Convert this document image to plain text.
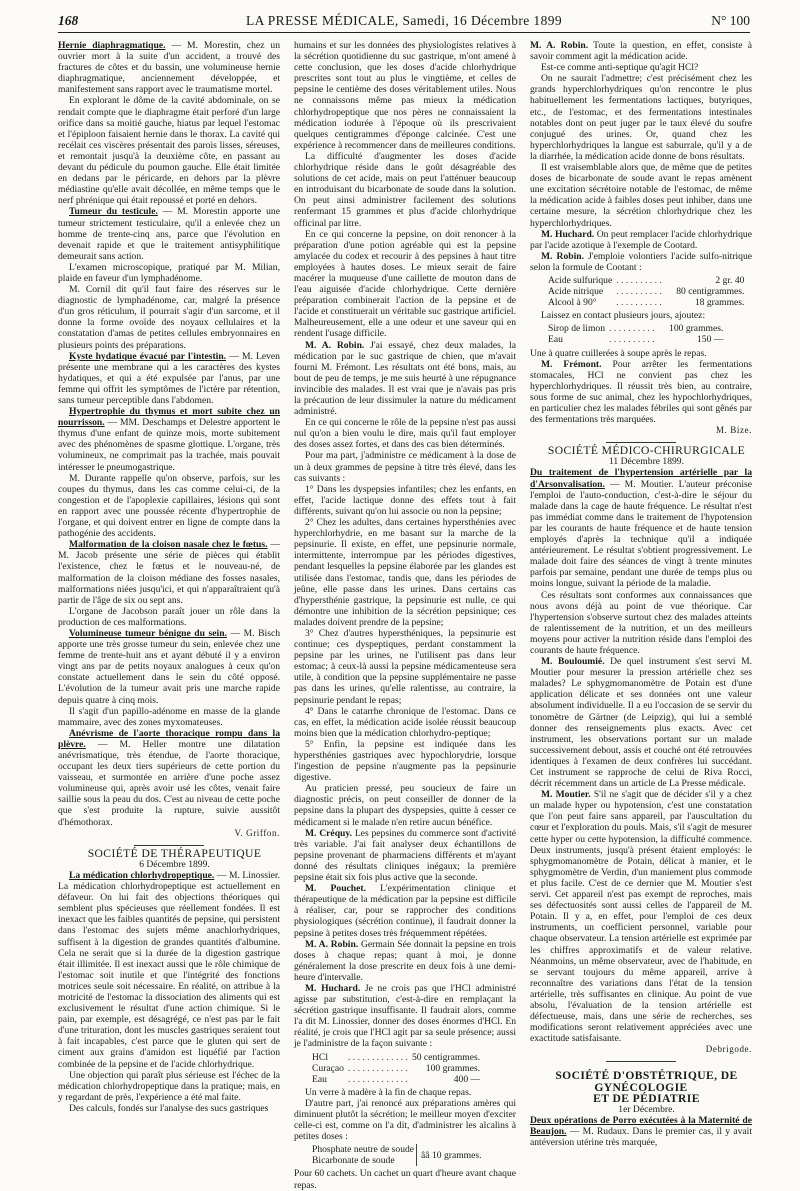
168	LA PRESSE MÉDICALE, Samedi, 16 Décembre 1899	N° 100

Hernie diaphragmatique. — M. Morestin, chez un ouvrier mort à la suite d'un accident, a trouvé des fractures de côtes et du bassin, une volumineuse hernie diaphragmatique, anciennement développée, et manifestement sans rapport avec le traumatisme mortel.

En explorant le dôme de la cavité abdominale, on se rendait compte que le diaphragme était perforé d'un large orifice dans sa moitié gauche, hiatus par lequel l'estomac et l'épiploon faisaient hernie dans le thorax. La cavité qui recélait ces viscères présentait des parois lisses, séreuses, et remontait jusqu'à la deuxième côte, en passant au devant du pédicule du poumon gauche. Elle était limitée en dedans par le péricarde, en dehors par la plèvre médiastine qu'elle avait décollée, en même temps que le nerf phrénique qui était repoussé et porté en dehors.

Tumeur du testicule. — M. Morestin apporte une tumeur strictement testiculaire, qu'il a enlevée chez un homme de trente-cinq ans, parce que l'évolution en devenait rapide et que le traitement antisyphilitique demeurait sans action.

L'examen microscopique, pratiqué par M. Milian, plaide en faveur d'un lymphadénome.

M. Cornil dit qu'il faut faire des réserves sur le diagnostic de lymphadénome, car, malgré la présence d'un gros réticulum, il pourrait s'agir d'un sarcome, et il donne la forme ovoïde des noyaux cellulaires et la constatation d'amas de petites cellules embryonnaires en plusieurs points des préparations.

Kyste hydatique évacué par l'intestin. — M. Leven présente une membrane qui a les caractères des kystes hydatiques, et qui a été expulsée par l'anus, par une femme qui offrit les symptômes de l'ictère par rétention, sans tumeur perceptible dans l'abdomen.

Hypertrophie du thymus et mort subite chez un nourrisson. — MM. Deschamps et Delestre apportent le thymus d'une enfant de quinze mois, morte subitement avec des phénomènes de spasme glottique. L'organe, très volumineux, ne comprimait pas la trachée, mais pouvait intéresser le pneumogastrique.

M. Durante rappelle qu'on observe, parfois, sur les coupes du thymus, dans les cas comme celui-ci, de la congestion et de l'apoplexie capillaires, lésions qui sont en rapport avec une poussée récente d'hypertrophie de l'organe, et qui doivent entrer en ligne de compte dans la pathogénie des accidents.

Malformation de la cloison nasale chez le fœtus. — M. Jacob présente une série de pièces qui établit l'existence, chez le fœtus et le nouveau-né, de malformation de la cloison médiane des fosses nasales, malformations niées jusqu'ici, et qui n'apparaîtraient qu'à partir de l'âge de six ou sept ans.

L'organe de Jacobson paraît jouer un rôle dans la production de ces malformations.

Volumineuse tumeur bénigne du sein. — M. Bisch apporte une très grosse tumeur du sein, enlevée chez une femme de trente-huit ans et ayant débuté il y a environ vingt ans par de petits noyaux analogues à ceux qu'on constate actuellement dans le sein du côté opposé. L'évolution de la tumeur avait pris une marche rapide depuis quatre à cinq mois.

Il s'agit d'un papillo-adénome en masse de la glande mammaire, avec des zones myxomateuses.

Anévrisme de l'aorte thoracique rompu dans la plèvre. — M. Heller montre une dilatation anévrismatique, très étendue, de l'aorte thoracique, occupant les deux tiers supérieurs de cette portion du vaisseau, et surmontée en arrière d'une poche assez volumineuse qui, après avoir usé les côtes, venait faire saillie sous la peau du dos. C'est au niveau de cette poche que s'est produite la rupture, suivie aussitôt d'hémothorax.

V. Griffon.

SOCIÉTÉ DE THÉRAPEUTIQUE

6 Décembre 1899.

La médication chlorhydropeptique. — M. Linossier. La médication chlorhydropeptique est actuellement en défaveur. On lui fait des objections théoriques qui semblent plus spécieuses que réellement fondées. Il est inexact que les faibles quantités de pepsine, qui persistent dans l'estomac des sujets même anachlorhydriques, suffisent à la digestion de grandes quantités d'albumine. Cela ne serait que si la durée de la digestion gastrique était illimitée. Il est inexact aussi que le rôle chimique de l'estomac soit inutile et que l'intégrité des fonctions motrices seule soit nécessaire. En réalité, on attribue à la motricité de l'estomac la dissociation des aliments qui est exclusivement le résultat d'une action chimique. Si le pain, par exemple, est désagrégé, ce n'est pas par le fait d'une trituration, dont les muscles gastriques seraient tout à fait incapables, c'est parce que le gluten qui sert de ciment aux grains d'amidon est liquéfié par l'action combinée de la pepsine et de l'acide chlorhydrique.

Une objection qui paraît plus sérieuse est l'échec de la médication chlorhydropeptique dans la pratique; mais, en y regardant de près, l'expérience a été mal faite.

Des calculs, fondés sur l'analyse des sucs gastriques

humains et sur les données des physiologistes relatives à la sécrétion quotidienne du suc gastrique, m'ont amené à cette conclusion, que les doses d'acide chlorhydrique prescrites sont tout au plus le vingtième, et celles de pepsine le centième des doses véritablement utiles. Nous ne connaissons même pas mieux la médication chlorhydropeptique que nos pères ne connaissaient la médication iodurée à l'époque où ils prescrivaient quelques centigrammes d'éponge calcinée. C'est une expérience à recommencer dans de meilleures conditions.

La difficulté d'augmenter les doses d'acide chlorhydrique réside dans le goût désagréable des solutions de cet acide, mais on peut l'atténuer beaucoup en introduisant du bicarbonate de soude dans la solution. On peut ainsi administrer facilement des solutions renfermant 15 grammes et plus d'acide chlorhydrique officinal par litre.

En ce qui concerne la pepsine, on doit renoncer à la préparation d'une potion agréable qui est la pepsine amylacée du codex et recourir à des pepsines à haut titre employées à hautes doses. Le mieux serait de faire macérer la muqueuse d'une caillette de mouton dans de l'eau aiguisée d'acide chlorhydrique. Cette dernière préparation combinerait l'action de la pepsine et de l'acide et constituerait un véritable suc gastrique artificiel. Malheureusement, elle a une odeur et une saveur qui en rendent l'usage difficile.

M. A. Robin. J'ai essayé, chez deux malades, la médication par le suc gastrique de chien, que m'avait fourni M. Frémont. Les résultats ont été bons, mais, au bout de peu de temps, je me suis heurté à une répugnance invincible des malades. Il est vrai que je n'avais pas pris la précaution de leur dissimuler la nature du médicament administré.

En ce qui concerne le rôle de la pepsine n'est pas aussi nul qu'on a bien voulu le dire, mais qu'il faut employer des doses assez fortes, et dans des cas bien déterminés.

Pour ma part, j'administre ce médicament à la dose de un à deux grammes de pepsine à titre très élevé, dans les cas suivants :

1° Dans les dyspepsies infantiles; chez les enfants, en effet, l'acide lactique donne des effets tout à fait différents, suivant qu'on lui associe ou non la pepsine;

2° Chez les adultes, dans certaines hypersthénies avec hyperchlorhydrie, en me basant sur la marche de la pepsinurie. Il existe, en effet, une pepsinurie normale, intermittente, interrompue par les périodes digestives, pendant lesquelles la pepsine élaborée par les glandes est utilisée dans l'estomac, tandis que, dans les périodes de jeûne, elle passe dans les urines. Dans certains cas d'hypersthénie gastrique, la pepsinurie est nulle, ce qui démontre une inhibition de la sécrétion pepsinique; ces malades doivent prendre de la pepsine;

3° Chez d'autres hypersthéniques, la pepsinurie est continue; ces dyspeptiques, perdant constamment la pepsine par les urines, ne l'utilisent pas dans leur estomac; à ceux-là aussi la pepsine médicamenteuse sera utile, à condition que la pepsine supplémentaire ne passe pas dans les urines, qu'elle ralentisse, au contraire, la pepsinurie pendant le repas;

4° Dans le catarrhe chronique de l'estomac. Dans ce cas, en effet, la médication acide isolée réussit beaucoup moins bien que la médication chlorhydro-peptique;

5° Enfin, la pepsine est indiquée dans les hypersthénies gastriques avec hypochlorydrie, lorsque l'ingestion de pepsine n'augmente pas la pepsinurie digestive.

Au praticien pressé, peu soucieux de faire un diagnostic précis, on peut conseiller de donner de la pepsine dans la plupart des dyspepsies, quitte à cesser ce médicament si le malade n'en retire aucun bénéfice.

M. Créquy. Les pepsines du commerce sont d'activité très variable. J'ai fait analyser deux échantillons de pepsine provenant de pharmaciens différents et m'ayant donné des résultats cliniques inégaux; la première pepsine était six fois plus active que la seconde.

M. Pouchet. L'expérimentation clinique et thérapeutique de la médication par la pepsine est difficile à réaliser, car, pour se rapprocher des conditions physiologiques (sécrétion continue), il faudrait donner la pepsine à petites doses très fréquemment répétées.

M. A. Robin. Germain Sée donnait la pepsine en trois doses à chaque repas; quant à moi, je donne généralement la dose prescrite en deux fois à une demi-heure d'intervalle.

M. Huchard. Je ne crois pas que l'HCl administré agisse par substitution, c'est-à-dire en remplaçant la sécrétion gastrique insuffisante. Il faudrait alors, comme l'a dit M. Linossier, donner des doses énormes d'HCl. En réalité, je crois que l'HCl agit par sa seule présence; aussi je l'administre de la façon suivante :

HCl	. . . . . . . . . . . . .	50 centigrammes.
Curaçao	. . . . . . . . . . . . .	100 grammes.
Eau	. . . . . . . . . . . . .	400 —

Un verre à madère à la fin de chaque repas.

D'autre part, j'ai renoncé aux préparations amères qui diminuent plutôt la sécrétion; le meilleur moyen d'exciter celle-ci est, comme on l'a dit, d'administrer les alcalins à petites doses :

Phosphate neutre de soude	ââ 10 grammes.
Bicarbonate de soude

Pour 60 cachets. Un cachet un quart d'heure avant chaque repas.

M. A. Robin. Toute la question, en effet, consiste à savoir comment agit la médication acide.

Est-ce comme anti-septique qu'agit HCl?

On ne saurait l'admettre; c'est précisément chez les grands hyperchlorhydriques qu'on rencontre le plus habituellement les fermentations lactiques, butyriques, etc., de l'estomac, et des fermentations intestinales notables dont on peut juger par le taux élevé du soufre conjugué des urines. Or, quand chez les hyperchlorhydriques la langue est saburrale, qu'il y a de la diarrhée, la médication acide donne de bons résultats.

Il est vraisemblable alors que, de même que de petites doses de bicarbonate de soude avant le repas amènent une excitation sécrétoire notable de l'estomac, de même la médication acide à faibles doses peut inhiber, dans une certaine mesure, la sécrétion chlorhydrique chez les hyperchlorhydriques.

M. Huchard. On peut remplacer l'acide chlorhydrique par l'acide azotique à l'exemple de Cootard.

M. Robin. J'emploie volontiers l'acide sulfo-nitrique selon la formule de Cootant :

Acide sulfurique	. . . . . . . . . .	2 gr. 40
Acide nitrique	. . . . . . . . . .	80 centigrammes.
Alcool à 90°	. . . . . . . . . .	18 grammes.

Laissez en contact plusieurs jours, ajoutez:

Sirop de limon	. . . . . . . . . .	100 grammes.
Eau	. . . . . . . . . .	150 —

Une à quatre cuillerées à soupe après le repas.

M. Frémont. Pour arrêter les fermentations stomacales, HCl ne convient pas chez les hyperchlorhydriques. Il réussit très bien, au contraire, sous forme de suc animal, chez les hypochlorhydriques, en particulier chez les malades fébriles qui sont gênés par des fermentations très marquées.

M. Bize.

SOCIÉTÉ MÉDICO-CHIRURGICALE

11 Décembre 1899.

Du traitement de l'hypertension artérielle par la d'Arsonvalisation. — M. Moutier. L'auteur préconise l'emploi de l'auto-conduction, c'est-à-dire le séjour du malade dans la cage de haute fréquence. Le résultat n'est pas immédiat comme dans le traitement de l'hypotension par les courants de haute fréquence et de haute tension employés d'après la technique qu'il a indiquée antérieurement. Le résultat s'obtient progressivement. Le malade doit faire des séances de vingt à trente minutes parfois par semaine, pendant une durée de temps plus ou moins longue, suivant la période de la maladie.

Ces résultats sont conformes aux connaissances que nous avons déjà au point de vue théorique. Car l'hypertension s'observe surtout chez des malades atteints de ralentissement de la nutrition, et un des meilleurs moyens pour activer la nutrition réside dans l'emploi des courants de haute fréquence.

M. Bouloumié. De quel instrument s'est servi M. Moutier pour mesurer la pression artérielle chez ses malades? Le sphygmomanomètre de Potain est d'une application délicate et ses données ont une valeur absolument individuelle. Il a eu l'occasion de se servir du tonomètre de Gärtner (de Leipzig), qui lui a semblé donner des renseignements plus exacts. Avec cet instrument, les observations portant sur un malade successivement debout, assis et couché ont été retrouvées identiques à l'examen de deux confrères lui succédant. Cet instrument se rapproche de celui de Riva Rocci, décrit récemment dans un article de La Presse médicale.

M. Moutier. S'il ne s'agit que de décider s'il y a chez un malade hyper ou hypotension, c'est une constatation que l'on peut faire sans appareil, par l'auscultation du cœur et l'exploration du pouls. Mais, s'il s'agit de mesurer cette hyper ou cette hypotension, la difficulté commence. Deux instruments, jusqu'à présent étaient employés: le sphygmomanomètre de Potain, délicat à manier, et le sphygmomètre de Verdin, d'un maniement plus commode et plus facile. C'est de ce dernier que M. Moutier s'est servi. Cet appareil n'est pas exempt de reproches, mais ses défectuosités sont aussi celles de l'appareil de M. Potain. Il y a, en effet, pour l'emploi de ces deux instruments, un coefficient personnel, variable pour chaque observateur. La tension artérielle est exprimée par les chiffres approximatifs et de valeur relative. Néanmoins, un même observateur, avec de l'habitude, en se servant toujours du même appareil, arrive à reconnaître des variations dans l'état de la tension artérielle, très suffisantes en clinique. Au point de vue absolu, l'évaluation de la tension artérielle est défectueuse, mais, dans une série de recherches, ses modifications seront relativement appréciées avec une exactitude satisfaisante.

Debrigode.

SOCIÉTÉ D'OBSTÉTRIQUE, DE GYNÉCOLOGIE

ET DE PÉDIATRIE

1er Décembre.

Deux opérations de Porro exécutées à la Maternité de Beaujon. — M. Rudaux. Dans le premier cas, il y avait antéversion utérine très marquée,
